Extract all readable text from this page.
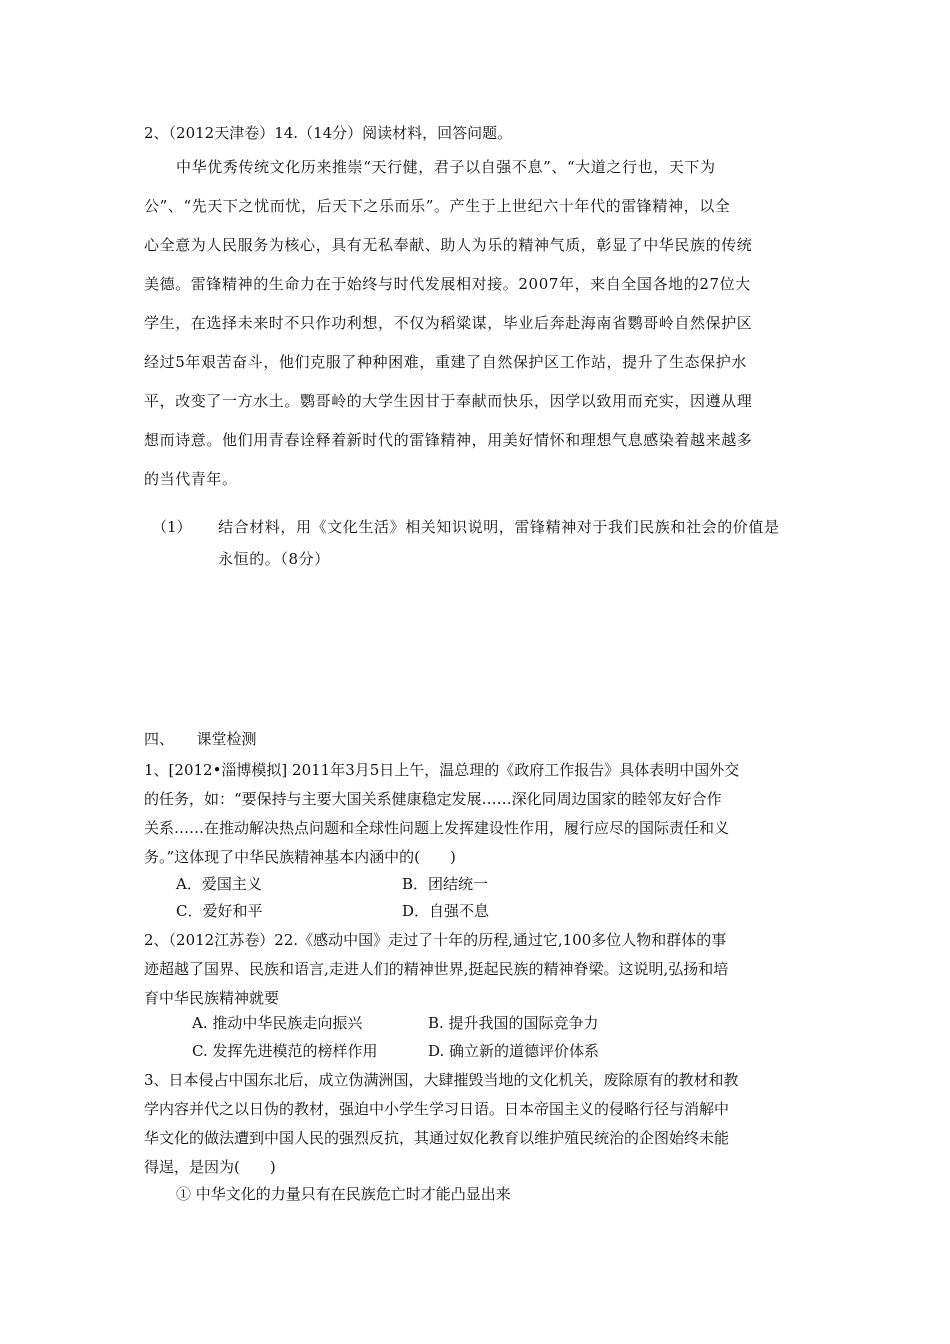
2、（2012天津卷）14.（14分）阅读材料，回答问题。
中华优秀传统文化历来推崇“天行健，君子以自强不息”、“大道之行也，天下为
公”、“先天下之忧而忧，后天下之乐而乐”。产生于上世纪六十年代的雷锋精神，以全
心全意为人民服务为核心，具有无私奉献、助人为乐的精神气质，彰显了中华民族的传统
美德。雷锋精神的生命力在于始终与时代发展相对接。2007年，来自全国各地的27位大
学生，在选择未来时不只作功利想，不仅为稻粱谋，毕业后奔赴海南省鹦哥岭自然保护区
经过5年艰苦奋斗，他们克服了种种困难，重建了自然保护区工作站，提升了生态保护水
平，改变了一方水土。鹦哥岭的大学生因甘于奉献而快乐，因学以致用而充实，因遵从理
想而诗意。他们用青春诠释着新时代的雷锋精神，用美好情怀和理想气息感染着越来越多
的当代青年。
（1） 结合材料，用《文化生活》相关知识说明，雷锋精神对于我们民族和社会的价值是
永恒的。（8分）
四、　　课堂检测
1、[2012•淄博模拟] 2011年3月5日上午，温总理的《政府工作报告》具体表明中国外交
的任务，如：“要保持与主要大国关系健康稳定发展……深化同周边国家的睦邻友好合作
关系……在推动解决热点问题和全球性问题上发挥建设性作用，履行应尽的国际责任和义
务。”这体现了中华民族精神基本内涵中的(　　)
A．爱国主义	B．团结统一
C．爱好和平	D．自强不息
2、（2012江苏卷）22.《感动中国》走过了十年的历程,通过它,100多位人物和群体的事
迹超越了国界、民族和语言,走进人们的精神世界,挺起民族的精神脊梁。这说明,弘扬和培
育中华民族精神就要
A. 推动中华民族走向振兴	B. 提升我国的国际竞争力
C. 发挥先进模范的榜样作用	D. 确立新的道德评价体系
3、日本侵占中国东北后，成立伪满洲国，大肆摧毁当地的文化机关，废除原有的教材和教
学内容并代之以日伪的教材，强迫中小学生学习日语。日本帝国主义的侵略行径与消解中
华文化的做法遭到中国人民的强烈反抗，其通过奴化教育以维护殖民统治的企图始终未能
得逞，是因为(　　)
① 中华文化的力量只有在民族危亡时才能凸显出来
